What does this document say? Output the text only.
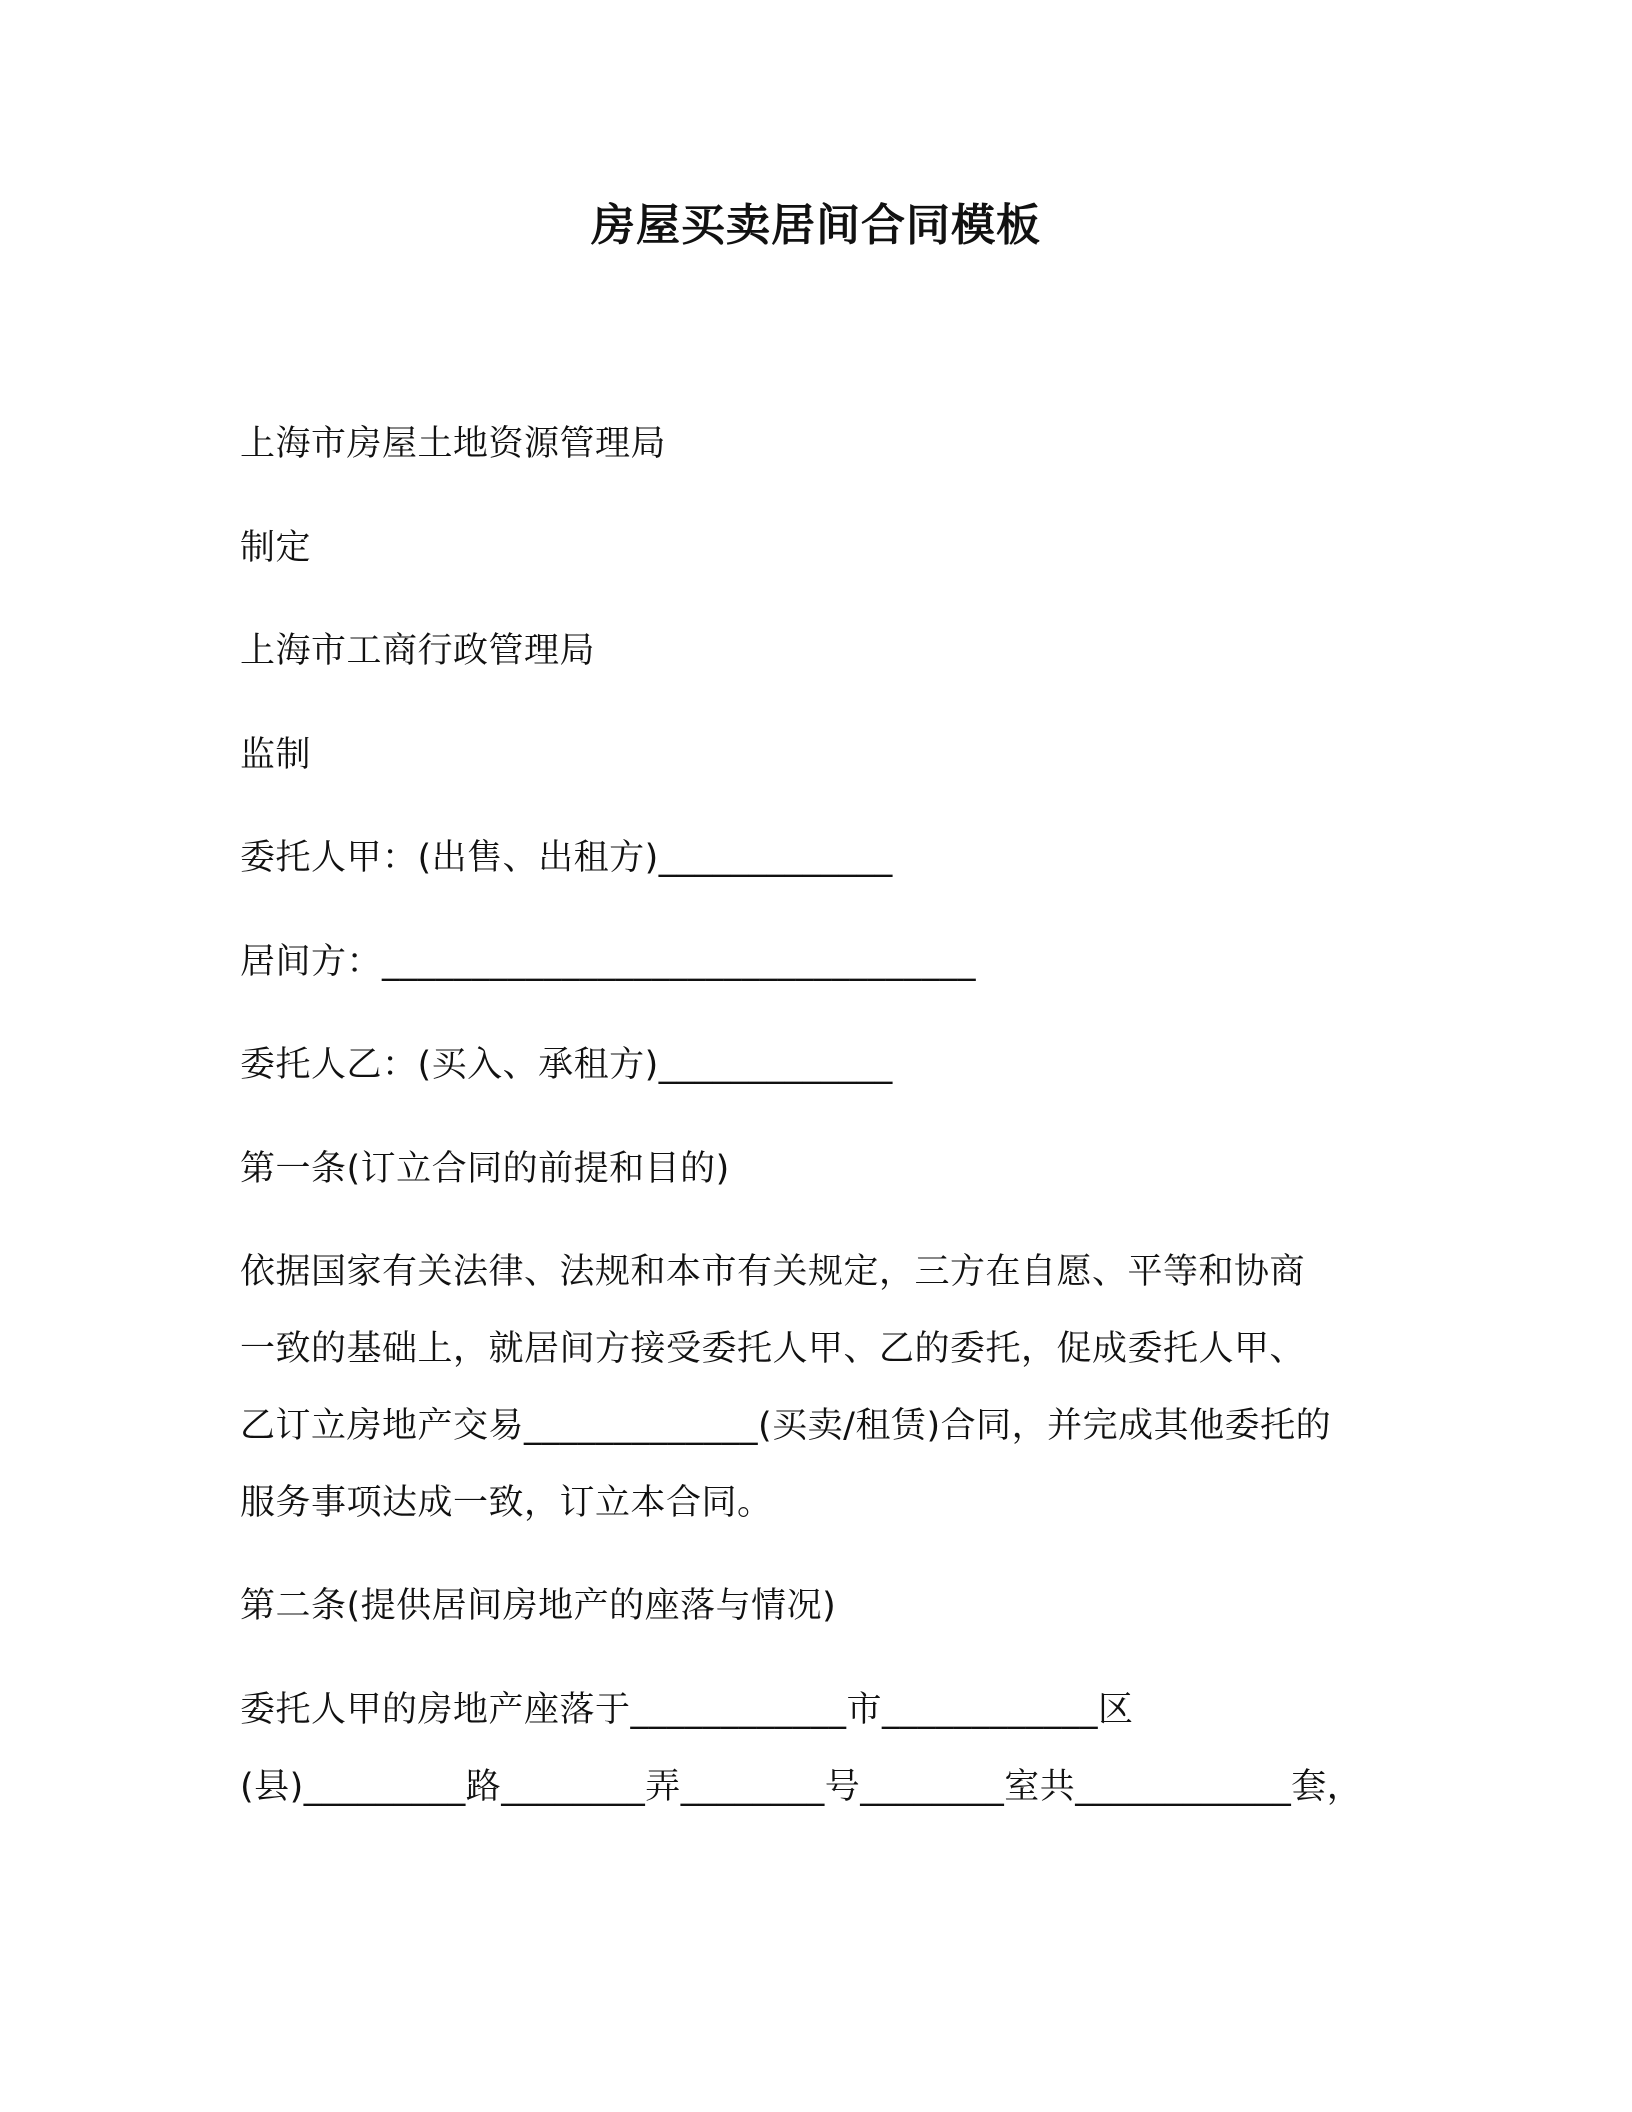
房屋买卖居间合同模板
上海市房屋土地资源管理局
制定
上海市工商行政管理局
监制
委托人甲：(出售、出租方)_____________
居间方：_________________________________
委托人乙：(买入、承租方)_____________
第一条(订立合同的前提和目的)
依据国家有关法律、法规和本市有关规定，三方在自愿、平等和协商
一致的基础上，就居间方接受委托人甲、乙的委托，促成委托人甲、
乙订立房地产交易_____________(买卖/租赁)合同，并完成其他委托的
服务事项达成一致，订立本合同。
第二条(提供居间房地产的座落与情况)
委托人甲的房地产座落于____________市____________区
(县)_________路________弄________号________室共____________套，
